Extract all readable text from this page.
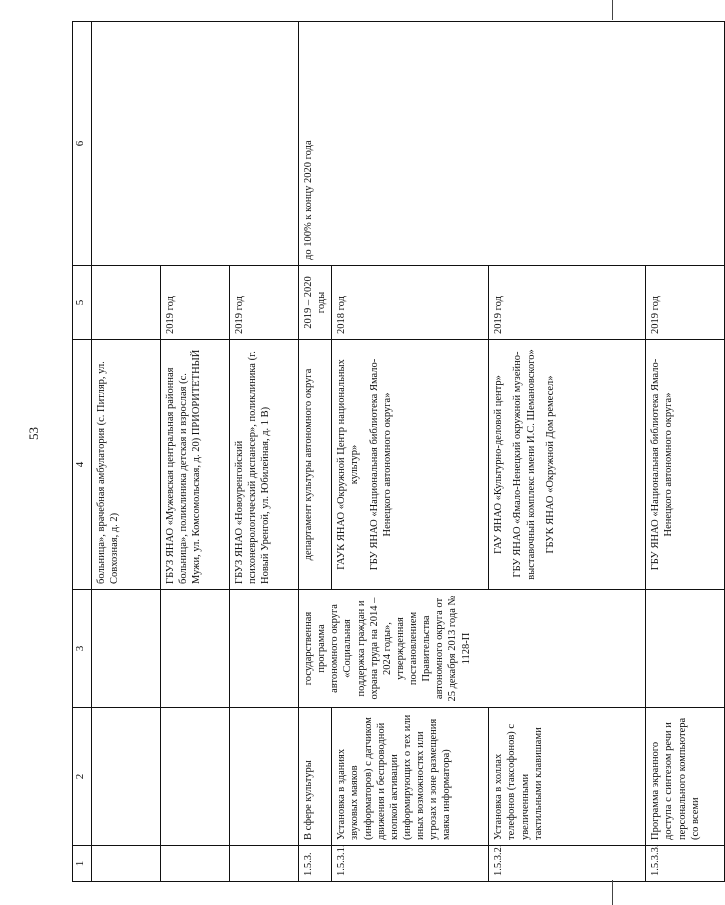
53
1	2	3	4	5	6
			больница», врачебная амбулатория (с. Питляр, ул. Совхозная, д. 2)		
			ГБУЗ ЯНАО «Мужевская центральная районная больница», поликлиника детская и взрослая (с. Мужи, ул. Комсомольская, д. 20) ПРИОРИТЕТНЫЙ	2019 год	
			ГБУЗ ЯНАО «Новоуренгойский психоневрологический диспансер», поликлиника (г. Новый Уренгой, ул. Юбилейная, д. 1 В)	2019 год	
1.5.3.	В сфере культуры	государственная программа автономного округа «Социальная поддержка граждан и охрана труда на 2014 – 2024 годы», утвержденная постановлением Правительства автономного округа от 25 декабря 2013 года № 1128-П	департамент культуры автономного округа	2019 – 2020 годы	до 100% к концу 2020 года
1.5.3.1.	Установка в зданиях звуковых маяков (информаторов) с датчиком движения и беспроводной кнопкой активации (информирующих о тех или иных возможностях или угрозах и зоне размещения маяка информатора)		ГАУК ЯНАО «Окружной Центр национальных культур» ГБУ ЯНАО «Национальная библиотека Ямало-Ненецкого автономного округа»	2018 год	
1.5.3.2.	Установка в холлах телефонов (таксофонов) с увеличенными тактильными клавишами		ГАУ ЯНАО «Культурно-деловой центр» ГБУ ЯНАО «Ямало-Ненецкий окружной музейно-выставочный комплекс имени И.С. Шемановского» ГБУК ЯНАО «Окружной Дом ремесел»	2019 год	
1.5.3.3.	Программа экранного доступа с синтезом речи и персонального компьютера (со всеми		ГБУ ЯНАО «Национальная библиотека Ямало-Ненецкого автономного округа»	2019 год	
